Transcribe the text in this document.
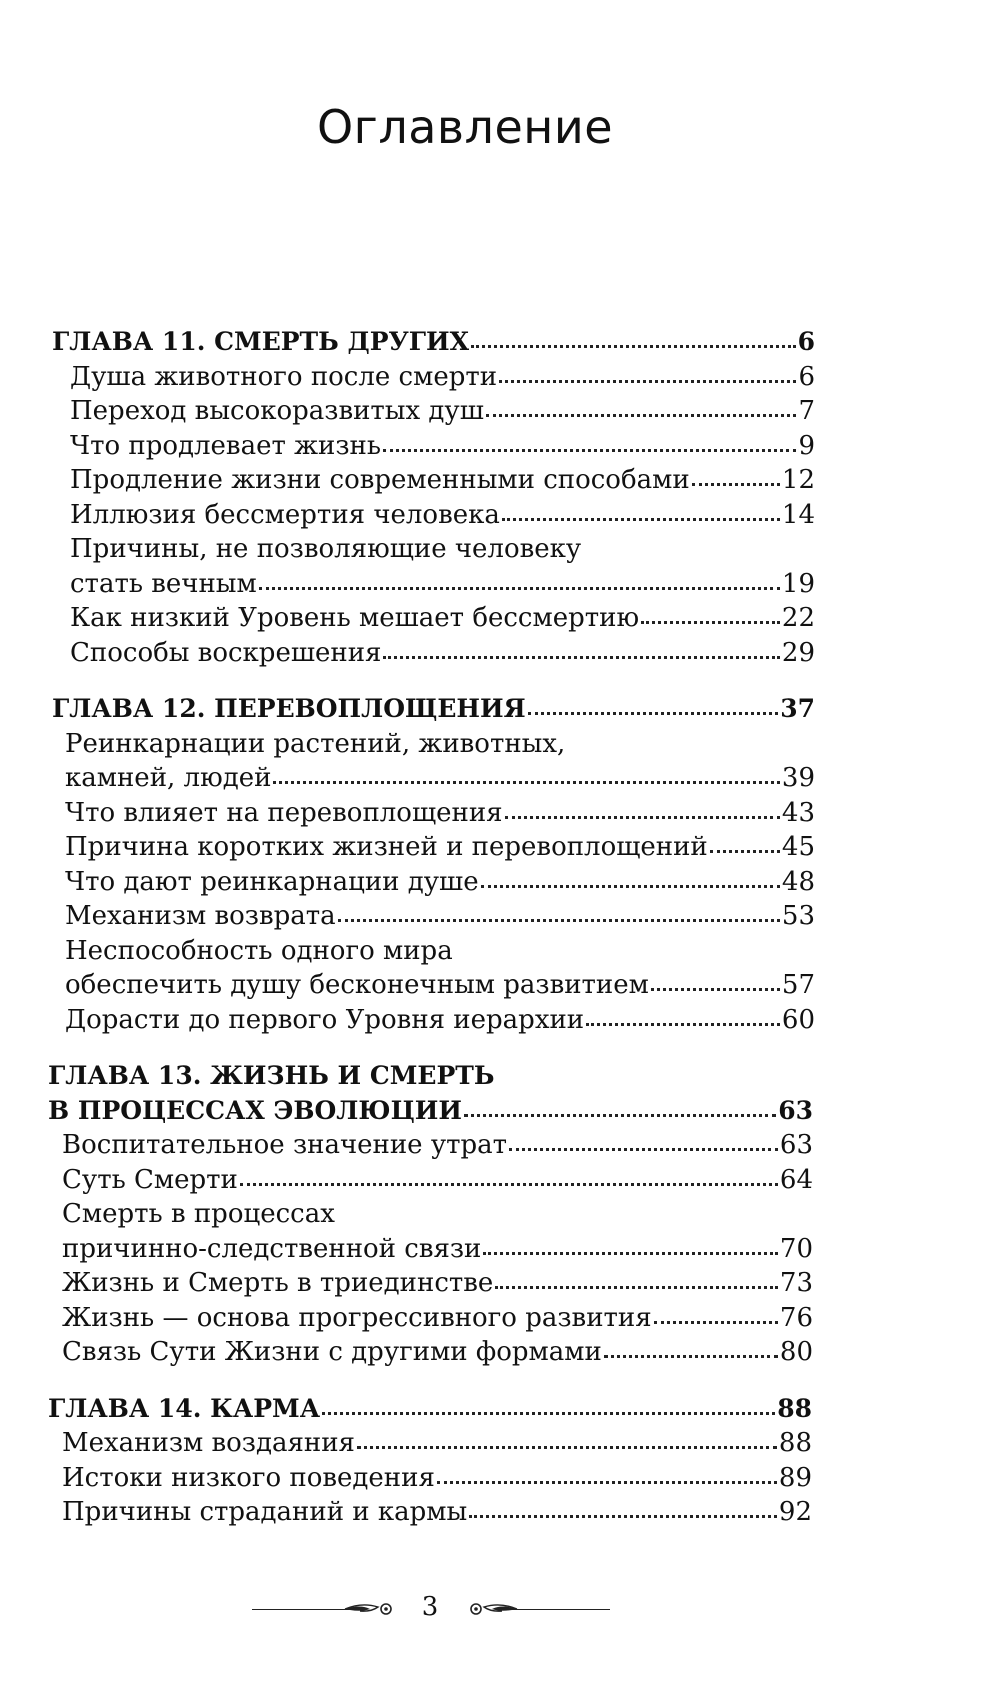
Оглавление
ГЛАВА 11. СМЕРТЬ ДРУГИХ	6
Душа животного после смерти	6
Переход высокоразвитых душ	7
Что продлевает жизнь	9
Продление жизни современными способами	12
Иллюзия бессмертия человека	14
Причины, не позволяющие человеку
стать вечным	19
Как низкий Уровень мешает бессмертию	22
Способы воскрешения	29
ГЛАВА 12. ПЕРЕВОПЛОЩЕНИЯ	37
Реинкарнации растений, животных,
камней, людей	39
Что влияет на перевоплощения	43
Причина коротких жизней и перевоплощений	45
Что дают реинкарнации душе	48
Механизм возврата	53
Неспособность одного мира
обеспечить душу бесконечным развитием	57
Дорасти до первого Уровня иерархии	60
ГЛАВА 13. ЖИЗНЬ И СМЕРТЬ
В ПРОЦЕССАХ ЭВОЛЮЦИИ	63
Воспитательное значение утрат	63
Суть Смерти	64
Смерть в процессах
причинно-следственной связи	70
Жизнь и Смерть в триединстве	73
Жизнь — основа прогрессивного развития	76
Связь Сути Жизни с другими формами	80
ГЛАВА 14. КАРМА	88
Механизм воздаяния	88
Истоки низкого поведения	89
Причины страданий и кармы	92
3
